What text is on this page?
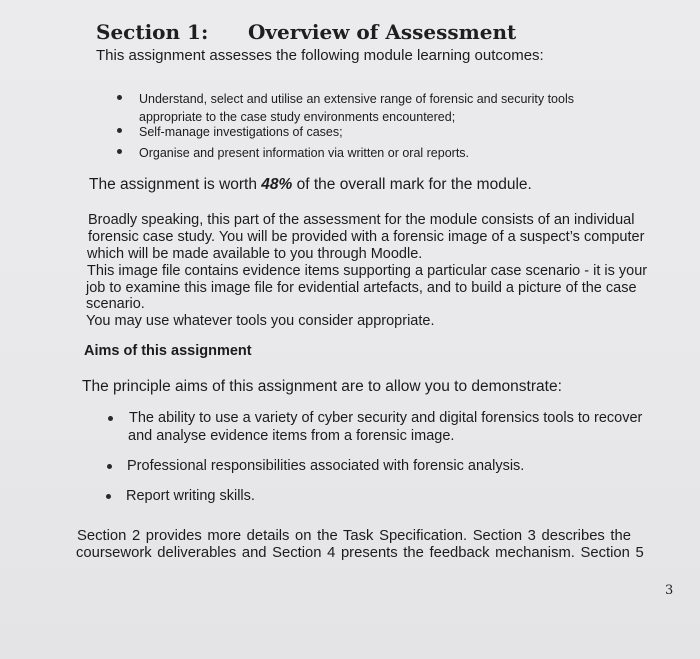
Section 1: Overview of Assessment
This assignment assesses the following module learning outcomes:
Understand, select and utilise an extensive range of forensic and security tools
appropriate to the case study environments encountered;
Self-manage investigations of cases;
Organise and present information via written or oral reports.
The assignment is worth 48% of the overall mark for the module.
Broadly speaking, this part of the assessment for the module consists of an individual
forensic case study. You will be provided with a forensic image of a suspect’s computer
which will be made available to you through Moodle.
This image file contains evidence items supporting a particular case scenario - it is your
job to examine this image file for evidential artefacts, and to build a picture of the case
scenario.
You may use whatever tools you consider appropriate.
Aims of this assignment
The principle aims of this assignment are to allow you to demonstrate:
The ability to use a variety of cyber security and digital forensics tools to recover
and analyse evidence items from a forensic image.
Professional responsibilities associated with forensic analysis.
Report writing skills.
Section 2 provides more details on the Task Specification. Section 3 describes the
coursework deliverables and Section 4 presents the feedback mechanism. Section 5
3
